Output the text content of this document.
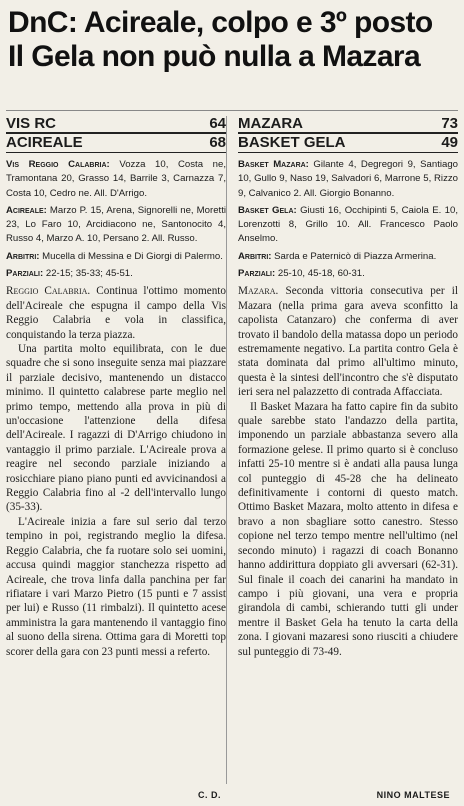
DnC: Acireale, colpo e 3º posto
Il Gela non può nulla a Mazara
VIS RC	64
ACIREALE	68

Vis Reggio Calabria: Vozza 10, Costa ne, Tramontana 20, Grasso 14, Barrile 3, Carnazza 7, Costa 10, Cedro ne. All. D'Arrigo.

Acireale: Marzo P. 15, Arena, Signorelli ne, Moretti 23, Lo Faro 10, Arcidiacono ne, Santonocito 4, Russo 4, Marzo A. 10, Persano 2. All. Russo.

Arbitri: Mucella di Messina e Di Giorgi di Palermo.

Parziali: 22-15; 35-33; 45-51.

Reggio Calabria. Continua l'ottimo momento dell'Acireale che espugna il campo della Vis Reggio Calabria e vola in classifica, conquistando la terza piazza.

Una partita molto equilibrata, con le due squadre che si sono inseguite senza mai piazzare il parziale decisivo, mantenendo un distacco minimo. Il quintetto calabrese parte meglio nel primo tempo, mettendo alla prova in più di un'occasione l'attenzione della difesa dell'Acireale. I ragazzi di D'Arrigo chiudono in vantaggio il primo parziale. L'Acireale prova a reagire nel secondo parziale iniziando a rosicchiare piano piano punti ed avvicinandosi a Reggio Calabria fino al -2 dell'intervallo lungo (35-33).

L'Acireale inizia a fare sul serio dal terzo tempino in poi, registrando meglio la difesa. Reggio Calabria, che fa ruotare solo sei uomini, accusa quindi maggior stanchezza rispetto ad Acireale, che trova linfa dalla panchina per far rifiatare i vari Marzo Pietro (15 punti e 7 assist per lui) e Russo (11 rimbalzi). Il quintetto acese amministra la gara mantenendo il vantaggio fino al suono della sirena. Ottima gara di Moretti top scorer della gara con 23 punti messi a referto.

MAZARA	73
BASKET GELA	49

Basket Mazara: Gilante 4, Degregori 9, Santiago 10, Gullo 9, Naso 19, Salvadori 6, Marrone 5, Rizzo 9, Calvanico 2. All. Giorgio Bonanno.

Basket Gela: Giusti 16, Occhipinti 5, Caiola E. 10, Lorenzotti 8, Grillo 10. All. Francesco Paolo Anselmo.

Arbitri: Sarda e Paternicò di Piazza Armerina.

Parziali: 25-10, 45-18, 60-31.

Mazara. Seconda vittoria consecutiva per il Mazara (nella prima gara aveva sconfitto la capolista Catanzaro) che conferma di aver trovato il bandolo della matassa dopo un periodo estremamente negativo. La partita contro Gela è stata dominata dal primo all'ultimo minuto, questa è la sintesi dell'incontro che s'è disputato ieri sera nel palazzetto di contrada Affacciata.

Il Basket Mazara ha fatto capire fin da subito quale sarebbe stato l'andazzo della partita, imponendo un parziale abbastanza severo alla formazione gelese. Il primo quarto si è concluso infatti 25-10 mentre si è andati alla pausa lunga col punteggio di 45-28 che ha delineato definitivamente i contorni di questo match. Ottimo Basket Mazara, molto attento in difesa e bravo a non sbagliare sotto canestro. Stesso copione nel terzo tempo mentre nell'ultimo (nel secondo minuto) i ragazzi di coach Bonanno hanno addirittura doppiato gli avversari (62-31). Sul finale il coach dei canarini ha mandato in campo i più giovani, una vera e propria girandola di cambi, schierando tutti gli under mentre il Basket Gela ha tenuto la carta della zona. I giovani mazaresi sono riusciti a chiudere sul punteggio di 73-49.

C. D.	NINO MALTESE
